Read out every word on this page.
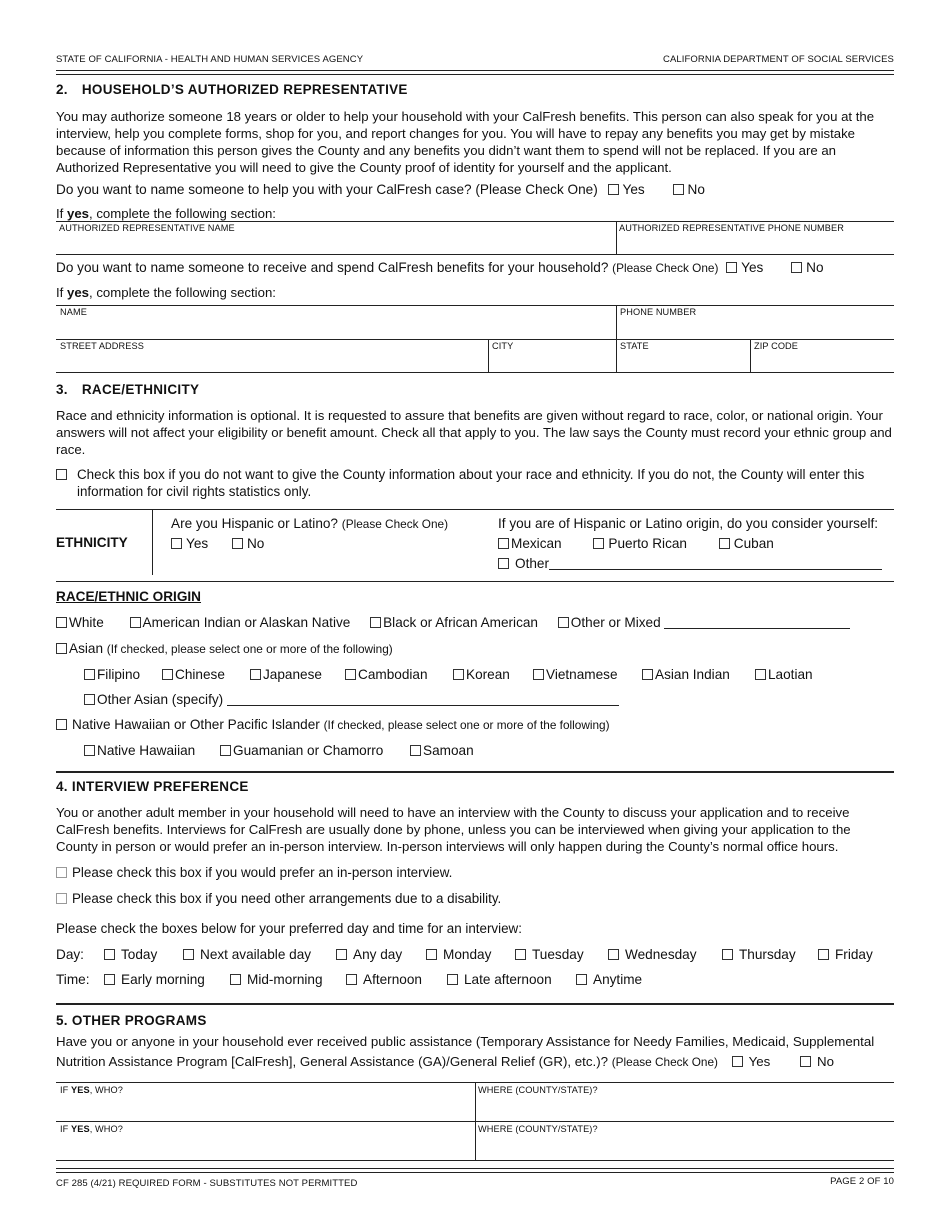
STATE OF CALIFORNIA - HEALTH AND HUMAN SERVICES AGENCY	CALIFORNIA DEPARTMENT OF SOCIAL SERVICES
2. HOUSEHOLD’S AUTHORIZED REPRESENTATIVE
You may authorize someone 18 years or older to help your household with your CalFresh benefits. This person can also speak for you at the interview, help you complete forms, shop for you, and report changes for you. You will have to repay any benefits you may get by mistake because of information this person gives the County and any benefits you didn’t want them to spend will not be replaced. If you are an Authorized Representative you will need to give the County proof of identity for yourself and the applicant.
Do you want to name someone to help you with your CalFresh case? (Please Check One) Yes	No
If yes, complete the following section:
AUTHORIZED REPRESENTATIVE NAME	AUTHORIZED REPRESENTATIVE PHONE NUMBER
Do you want to name someone to receive and spend CalFresh benefits for your household? (Please Check One) Yes	No
If yes, complete the following section:
NAME	PHONE NUMBER
STREET ADDRESS	CITY	STATE	ZIP CODE
3. RACE/ETHNICITY
Race and ethnicity information is optional. It is requested to assure that benefits are given without regard to race, color, or national origin. Your answers will not affect your eligibility or benefit amount. Check all that apply to you. The law says the County must record your ethnic group and race.
Check this box if you do not want to give the County information about your race and ethnicity. If you do not, the County will enter this information for civil rights statistics only.
ETHNICITY
Are you Hispanic or Latino? (Please Check One)
Yes	No
If you are of Hispanic or Latino origin, do you consider yourself:
Mexican	Puerto Rican	Cuban
Other
RACE/ETHNIC ORIGIN
White	American Indian or Alaskan Native Black or African American Other or Mixed
Asian (If checked, please select one or more of the following)
Filipino	Chinese	Japanese	Cambodian	Korean	Vietnamese	Asian Indian	Laotian
Other Asian (specify)
Native Hawaiian or Other Pacific Islander (If checked, please select one or more of the following)
Native Hawaiian	Guamanian or Chamorro	Samoan
4. INTERVIEW PREFERENCE
You or another adult member in your household will need to have an interview with the County to discuss your application and to receive CalFresh benefits. Interviews for CalFresh are usually done by phone, unless you can be interviewed when giving your application to the County in person or would prefer an in-person interview. In-person interviews will only happen during the County’s normal office hours.
Please check this box if you would prefer an in-person interview.
Please check this box if you need other arrangements due to a disability.
Please check the boxes below for your preferred day and time for an interview:
Day:	Today	Next available day	Any day	Monday	Tuesday	Wednesday	Thursday	Friday
Time:	Early morning	Mid-morning	Afternoon	Late afternoon	Anytime
5. OTHER PROGRAMS
Have you or anyone in your household ever received public assistance (Temporary Assistance for Needy Families, Medicaid, Supplemental
Nutrition Assistance Program [CalFresh], General Assistance (GA)/General Relief (GR), etc.)? (Please Check One) Yes	No
IF YES, WHO?	WHERE (COUNTY/STATE)?
IF YES, WHO?	WHERE (COUNTY/STATE)?
CF 285 (4/21) REQUIRED FORM - SUBSTITUTES NOT PERMITTED	PAGE 2 OF 10
